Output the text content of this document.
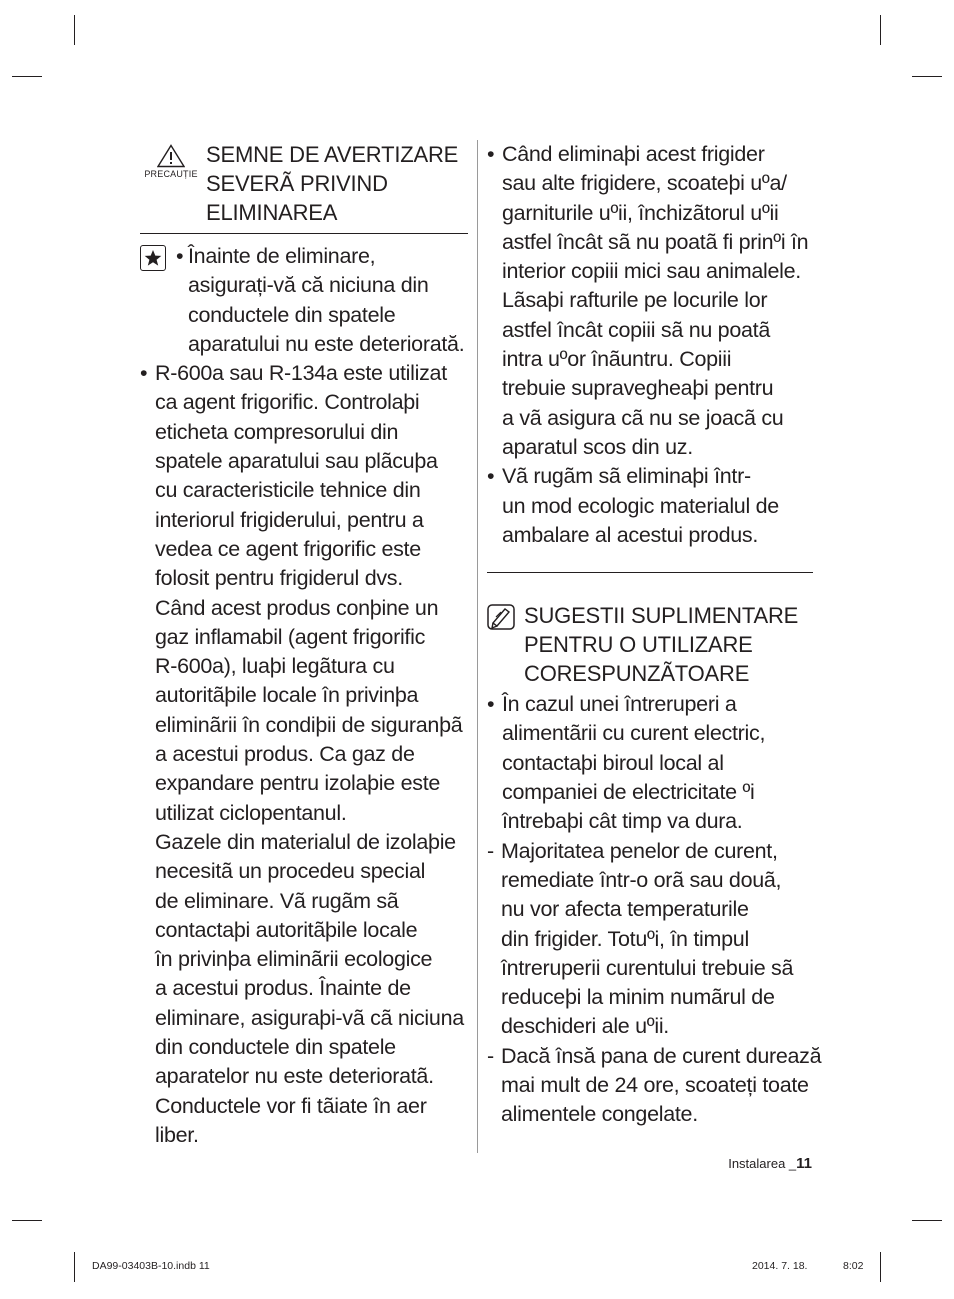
PRECAUȚIE
SEMNE DE AVERTIZARE
SEVERÃ PRIVIND
ELIMINAREA
• Înainte de eliminare,
asigurați-vă că niciuna din
conductele din spatele
aparatului nu este deteriorată.
• R-600a sau R-134a este utilizat
ca agent frigorific. Controlaþi
eticheta compresorului din
spatele aparatului sau plãcuþa
cu caracteristicile tehnice din
interiorul frigiderului, pentru a
vedea ce agent frigorific este
folosit pentru frigiderul dvs.
Când acest produs conþine un
gaz inflamabil (agent frigorific
R-600a), luaþi legãtura cu
autoritãþile locale în privinþa
eliminãrii în condiþii de siguranþã
a acestui produs. Ca gaz de
expandare pentru izolaþie este
utilizat ciclopentanul.
Gazele din materialul de izolaþie
necesitã un procedeu special
de eliminare. Vã rugãm sã
contactaþi autoritãþile locale
în privinþa eliminãrii ecologice
a acestui produs. Înainte de
eliminare, asiguraþi-vã cã niciuna
din conductele din spatele
aparatelor nu este deterioratã.
Conductele vor fi tãiate în aer
liber.
• Când eliminaþi acest frigider
sau alte frigidere, scoateþi uºa/
garniturile uºii, închizãtorul uºii
astfel încât sã nu poatã fi prinºi în
interior copiii mici sau animalele.
Lãsaþi rafturile pe locurile lor
astfel încât copiii sã nu poatã
intra uºor înãuntru. Copiii
trebuie supravegheaþi pentru
a vã asigura cã nu se joacã cu
aparatul scos din uz.
• Vã rugãm sã eliminaþi într-
un mod ecologic materialul de
ambalare al acestui produs.
SUGESTII SUPLIMENTARE
PENTRU O UTILIZARE
CORESPUNZÃTOARE
• În cazul unei întreruperi a
alimentãrii cu curent electric,
contactaþi biroul local al
companiei de electricitate ºi
întrebaþi cât timp va dura.
- Majoritatea penelor de curent,
remediate într-o orã sau douã,
nu vor afecta temperaturile
din frigider. Totuºi, în timpul
întreruperii curentului trebuie sã
reduceþi la minim numãrul de
deschideri ale uºii.
- Dacă însă pana de curent durează
mai mult de 24 ore, scoateți toate
alimentele congelate.
Instalarea _11
DA99-03403B-10.indb 11	2014. 7. 18.	8:02
